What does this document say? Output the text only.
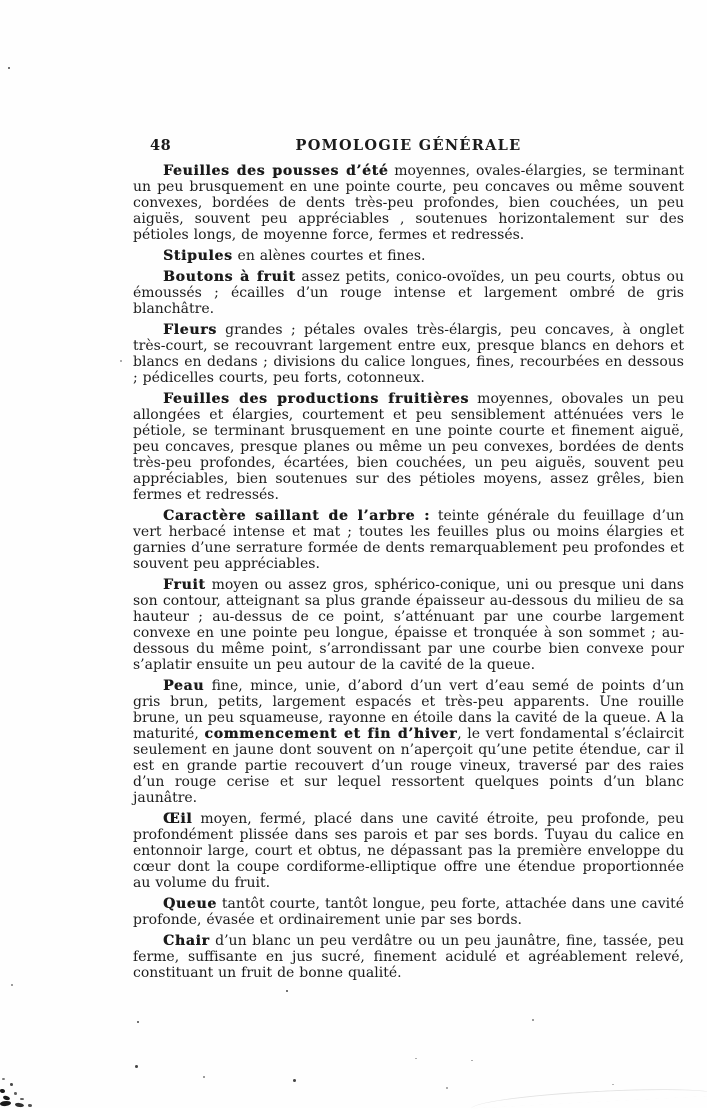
48	POMOLOGIE GÉNÉRALE

Feuilles des pousses d’été moyennes, ovales-élargies, se terminant un peu brusquement en une pointe courte, peu concaves ou même souvent convexes, bordées de dents très-peu profondes, bien couchées, un peu aiguës, souvent peu appréciables , soutenues horizontalement sur des pétioles longs, de moyenne force, fermes et redressés.

Stipules en alènes courtes et fines.

Boutons à fruit assez petits, conico-ovoïdes, un peu courts, obtus ou émoussés ; écailles d’un rouge intense et largement ombré de gris blanchâtre.

Fleurs grandes ; pétales ovales très-élargis, peu concaves, à onglet très-court, se recouvrant largement entre eux, presque blancs en dehors et blancs en dedans ; divisions du calice longues, fines, recourbées en dessous ; pédicelles courts, peu forts, cotonneux.

Feuilles des productions fruitières moyennes, obovales un peu allongées et élargies, courtement et peu sensiblement atténuées vers le pétiole, se terminant brusquement en une pointe courte et finement aiguë, peu concaves, presque planes ou même un peu convexes, bordées de dents très-peu profondes, écartées, bien couchées, un peu aiguës, souvent peu appréciables, bien soutenues sur des pétioles moyens, assez grêles, bien fermes et redressés.

Caractère saillant de l’arbre : teinte générale du feuillage d’un vert herbacé intense et mat ; toutes les feuilles plus ou moins élargies et garnies d’une serrature formée de dents remarquablement peu profondes et souvent peu appréciables.

Fruit moyen ou assez gros, sphérico-conique, uni ou presque uni dans son contour, atteignant sa plus grande épaisseur au-dessous du milieu de sa hauteur ; au-dessus de ce point, s’atténuant par une courbe largement convexe en une pointe peu longue, épaisse et tronquée à son sommet ; au-dessous du même point, s’arrondissant par une courbe bien convexe pour s’aplatir ensuite un peu autour de la cavité de la queue.

Peau fine, mince, unie, d’abord d’un vert d’eau semé de points d’un gris brun, petits, largement espacés et très-peu apparents. Une rouille brune, un peu squameuse, rayonne en étoile dans la cavité de la queue. A la maturité, commencement et fin d’hiver, le vert fondamental s’éclaircit seulement en jaune dont souvent on n’aperçoit qu’une petite étendue, car il est en grande partie recouvert d’un rouge vineux, traversé par des raies d’un rouge cerise et sur lequel ressortent quelques points d’un blanc jaunâtre.

Œil moyen, fermé, placé dans une cavité étroite, peu profonde, peu profondément plissée dans ses parois et par ses bords. Tuyau du calice en entonnoir large, court et obtus, ne dépassant pas la première enveloppe du cœur dont la coupe cordiforme-elliptique offre une étendue proportionnée au volume du fruit.

Queue tantôt courte, tantôt longue, peu forte, attachée dans une cavité profonde, évasée et ordinairement unie par ses bords.

Chair d’un blanc un peu verdâtre ou un peu jaunâtre, fine, tassée, peu ferme, suffisante en jus sucré, finement acidulé et agréablement relevé, constituant un fruit de bonne qualité.
